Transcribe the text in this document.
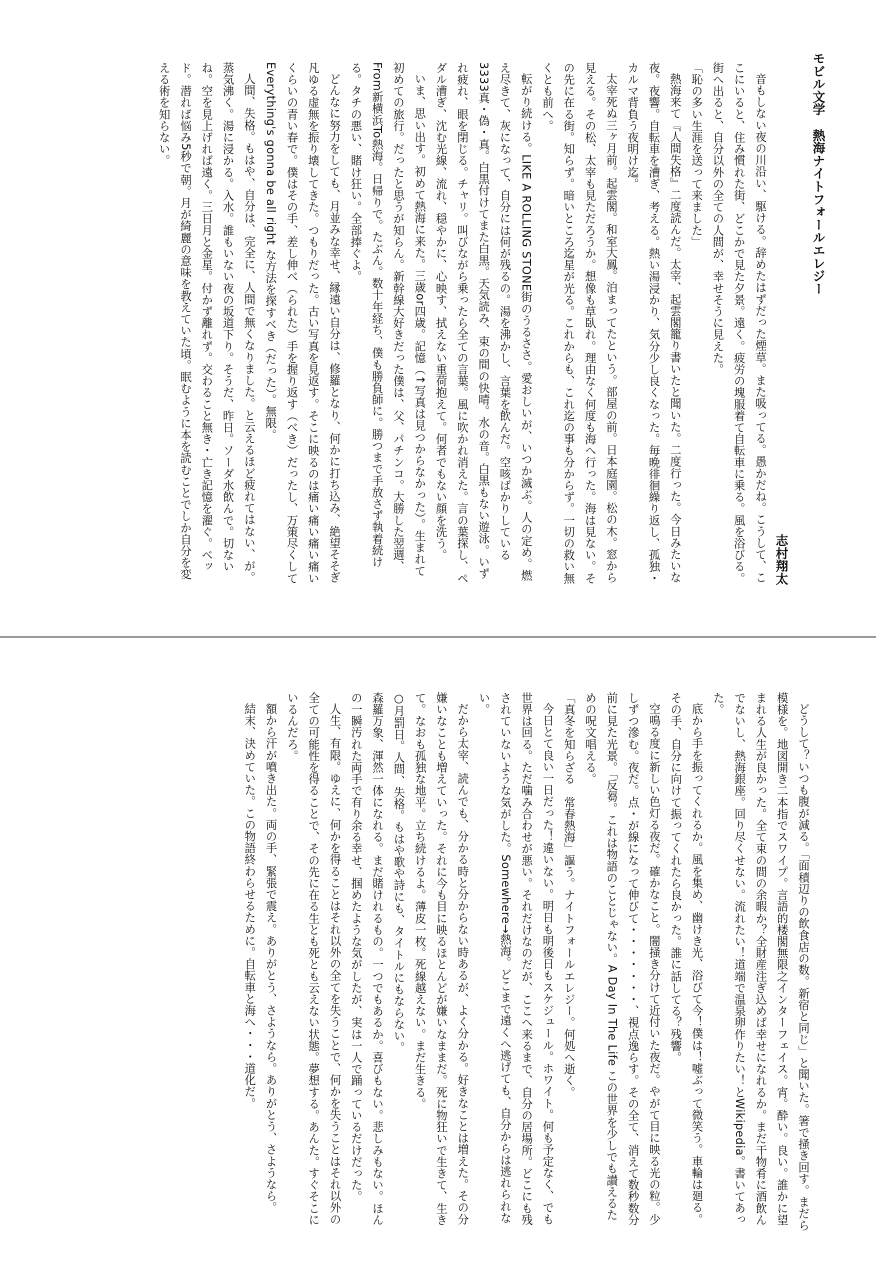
モビル文学　熱海ナイトフォールエレジー
志村翔太
音もしない夜の川沿い、駆ける。辞めたはずだった煙草。また吸ってる。愚かだね。こうして、ここにいると、住み慣れた街、どこかで見た夕景。遠く。疲労の塊服着て自転車に乗る。風を浴びる。街へ出ると、自分以外の全ての人間が、幸せそうに見えた。
「恥の多い生涯を送って来ました」
熱海来て『人間失格』二度読んだ。太宰、起雲閣籠り書いたと聞いた。二度行った。今日みたいな夜。夜響。自転車を漕ぎ、考える。熱い湯浸かり、気分少し良くなった。毎晩徘徊繰り返し、孤独・カルマ背負う夜明け迄。
太宰死ぬ三ヶ月前。起雲閣。和室大鳳。泊まってたという。部屋の前。日本庭園。松の木。窓から見える。その松、太宰も見ただろうか。想像も草臥れ。理由なく何度も海へ行った。海は見ない。その先に在る街。知らず。暗いところ迄星が光る。これからも、これ迄の事も分からず。一切の救い無くとも前へ。
転がり続ける。LIKE A ROLLING STONE街のうるささ。愛おしいが、いつか滅ぶ。人の定め。燃え尽きて、灰になって、自分には何が残るの。湯を沸かし、言葉を飲んだ。空咳ばかりしている3333真・偽・真。白黒付けてまた白黒。天気読み、束の間の快晴。水の音。白黒もない遊泳。いずれ疲れ、眼を閉じる。チャリ。叫びながら乗ったら全ての言葉。風に吹かれ消えた。言の葉探し、ペダル漕ぎ、沈む光線、流れ、穏やかに、心映す、拭えない重荷抱えて。何者でもない顔を洗う。
いま、思い出す。初めて熱海に来た。三歳or四歳。記憶（↑写真は見つからなかった）。生まれて初めての旅行。だったと思うが知らん。新幹線大好きだった僕は、父、パチンコ。大勝した翌週、From新横浜To熱海。日帰りで。たぶん。数十年経ち、僕も勝負師に。勝つまで手放さず執着続ける。タチの悪い、賭け狂い。全部捧ぐよ。
どんなに努力をしても、月並みな幸せ、縁遠い自分は、修羅となり、何かに打ち込み、絶望そそぎ凡ゆる虚無を振り壊してきた。つもりだった。古い写真を見返す。そこに映るのは痛い痛い痛い痛いくらいの青い春で。僕はその手、差し伸べ（られた）手を握り返す（べき）だったし、万策尽くしてEverything's gonna be all right な方法を探すべき（だった）。無限。
人間、失格。もはや、自分は、完全に、人間で無くなりました。と云えるほど疲れてはない、が。蒸気沸く。湯に浸かる。入水。誰もいない夜の坂道下り。そうだ、昨日。ソーダ水飲んで。切ないね。空を見上げれば遠く。三日月と金星。付かず離れず。交わること無き・亡き記憶を濯ぐ。ベッド。潜れば悩み5秒で朝。月が綺麗の意味を教えていた頃。眠むように本を読むことでしか自分を変える術を知らない。
どうして？いつも腹が減る。「面積辺りの飲食店の数。新宿と同じ」と聞いた。箸で掻き回す。まだら模様を。地図開き二本指でスワイプ。言語的楼閣無限之インターフェイス。宵。酔い。良い。誰かに望まれる人生が良かった。全て束の間の余暇か？全財産注ぎ込めば幸せになれるか。まだ干物肴に酒飲んでないし、熱海銀座。回り尽くせない。流れたい！道端で温泉卵作りたい！とWikipedia。書いてあった。
底から手を振ってくれるか。風を集め、幽けき光、浴びて今！僕は！嘘ぶって微笑う。車輪は廻る。その手、自分に向けて振ってくれたら良かった。誰に話してる？残響。
空鳴る度に新しい色灯る夜だ。確かなこと。闇掻き分けて近付いた夜だ。やがて目に映る光の粒。少しずつ滲む。夜だ。点・が線になって伸びて・・・・・・・、視点逸らす。その全て、消えて数秒数分前に見た光景。「反芻。これは物語のことじゃない。A Day In The Life この世界を少しでも讃えるための呪文唱える。
「真冬を知らざる　常春熱海」謳う。ナイトフォールエレジー。何処へ逝く。
今日とて良い一日だった！違いない。明日も明後日もスケジュール。ホワイト。何も予定なく、でも世界は回る。ただ噛み合わせが悪い。それだけなのだが、ここへ来るまで、自分の居場所。どこにも残されていないような気がした。Somewhere→熱海。どこまで遠くへ逃げても、自分からは逃れられない。
だから太宰、読んでも、分かる時と分からない時あるが、よく分かる。好きなことは増えた。その分嫌いなことも増えていった。それに今も目に映るほとんどが嫌いなままだ。死に物狂いで生きて、生きて。なおも孤独な地平。立ち続けるよ。薄皮一枚。死線越えない。まだ生きる。
○月罰日。人間、失格。もはや歌や詩にも、タイトルにもならない。
森羅万象、渾然一体になれる。まだ賭けれるもの。一つでもあるか。喜びもない。悲しみもない。ほんの一瞬汚れた両手で有り余る幸せ、掴めたような気がしたが、実は一人で踊っているだけだった。
人生、有限。ゆえに、何かを得ることはそれ以外の全てを失うことで、何かを失うことはそれ以外の全ての可能性を得ることで、その先に在る生とも死とも云えない状態。夢想する。あんた。すぐそこにいるんだろ。
額から汗が噴き出た。両の手、緊張で震え。ありがとう、さようなら。ありがとう、さようなら。
結末、決めていた。この物語終わらせるために。自転車と海へ・・・道化だ。
